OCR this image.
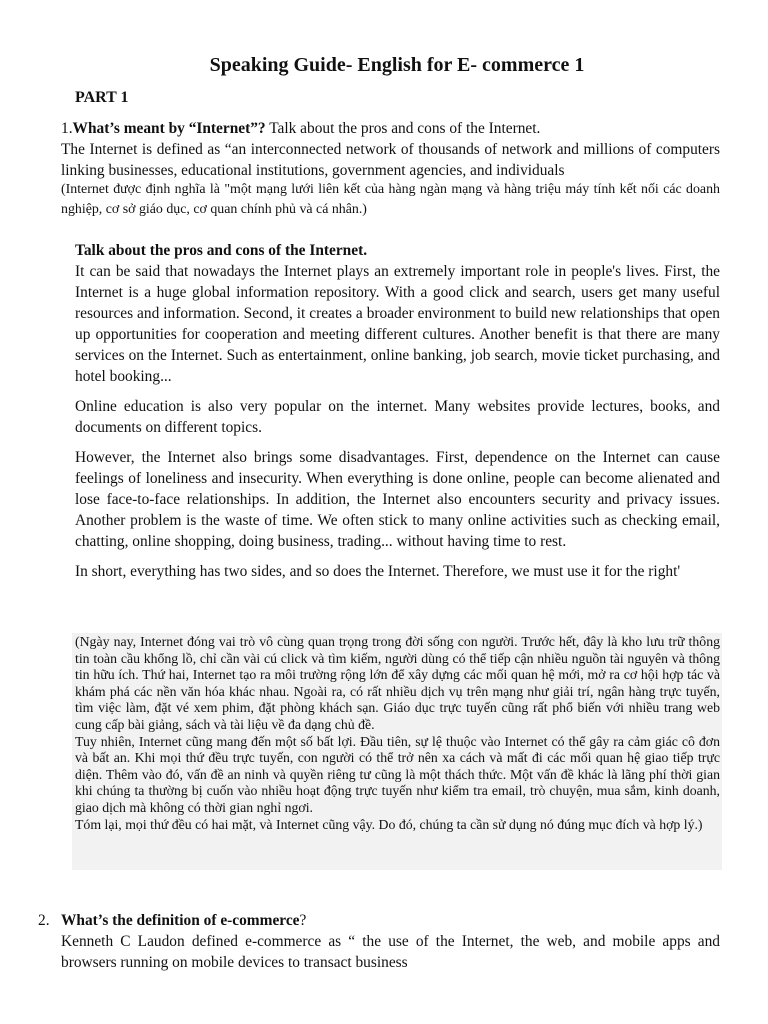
Speaking Guide- English for E- commerce 1
PART 1
1.What’s meant by “Internet”? Talk about the pros and cons of the Internet.
The Internet is defined as “an interconnected network of thousands of network and millions of computers linking businesses, educational institutions, government agencies, and individuals
(Internet được định nghĩa là "một mạng lưới liên kết của hàng ngàn mạng và hàng triệu máy tính kết nối các doanh nghiệp, cơ sở giáo dục, cơ quan chính phủ và cá nhân.)
Talk about the pros and cons of the Internet.

It can be said that nowadays the Internet plays an extremely important role in people's lives. First, the Internet is a huge global information repository. With a good click and search, users get many useful resources and information. Second, it creates a broader environment to build new relationships that open up opportunities for cooperation and meeting different cultures. Another benefit is that there are many services on the Internet. Such as entertainment, online banking, job search, movie ticket purchasing, and hotel booking...

Online education is also very popular on the internet. Many websites provide lectures, books, and documents on different topics.

However, the Internet also brings some disadvantages. First, dependence on the Internet can cause feelings of loneliness and insecurity. When everything is done online, people can become alienated and lose face-to-face relationships. In addition, the Internet also encounters security and privacy issues. Another problem is the waste of time. We often stick to many online activities such as checking email, chatting, online shopping, doing business, trading... without having time to rest.

In short, everything has two sides, and so does the Internet. Therefore, we must use it for the right'

(Ngày nay, Internet đóng vai trò vô cùng quan trọng trong đời sống con người. Trước hết, đây là kho lưu trữ thông tin toàn cầu khổng lồ, chỉ cần vài cú click và tìm kiếm, người dùng có thể tiếp cận nhiều nguồn tài nguyên và thông tin hữu ích. Thứ hai, Internet tạo ra môi trường rộng lớn để xây dựng các mối quan hệ mới, mở ra cơ hội hợp tác và khám phá các nền văn hóa khác nhau. Ngoài ra, có rất nhiều dịch vụ trên mạng như giải trí, ngân hàng trực tuyến, tìm việc làm, đặt vé xem phim, đặt phòng khách sạn. Giáo dục trực tuyến cũng rất phổ biến với nhiều trang web cung cấp bài giảng, sách và tài liệu về đa dạng chủ đề.
Tuy nhiên, Internet cũng mang đến một số bất lợi. Đầu tiên, sự lệ thuộc vào Internet có thể gây ra cảm giác cô đơn và bất an. Khi mọi thứ đều trực tuyến, con người có thể trở nên xa cách và mất đi các mối quan hệ giao tiếp trực diện. Thêm vào đó, vấn đề an ninh và quyền riêng tư cũng là một thách thức. Một vấn đề khác là lãng phí thời gian khi chúng ta thường bị cuốn vào nhiều hoạt động trực tuyến như kiểm tra email, trò chuyện, mua sắm, kinh doanh, giao dịch mà không có thời gian nghỉ ngơi.
Tóm lại, mọi thứ đều có hai mặt, và Internet cũng vậy. Do đó, chúng ta cần sử dụng nó đúng mục đích và hợp lý.)
2. What’s the definition of e-commerce?
Kenneth C Laudon defined e-commerce as “ the use of the Internet, the web, and mobile apps and browsers running on mobile devices to transact business
